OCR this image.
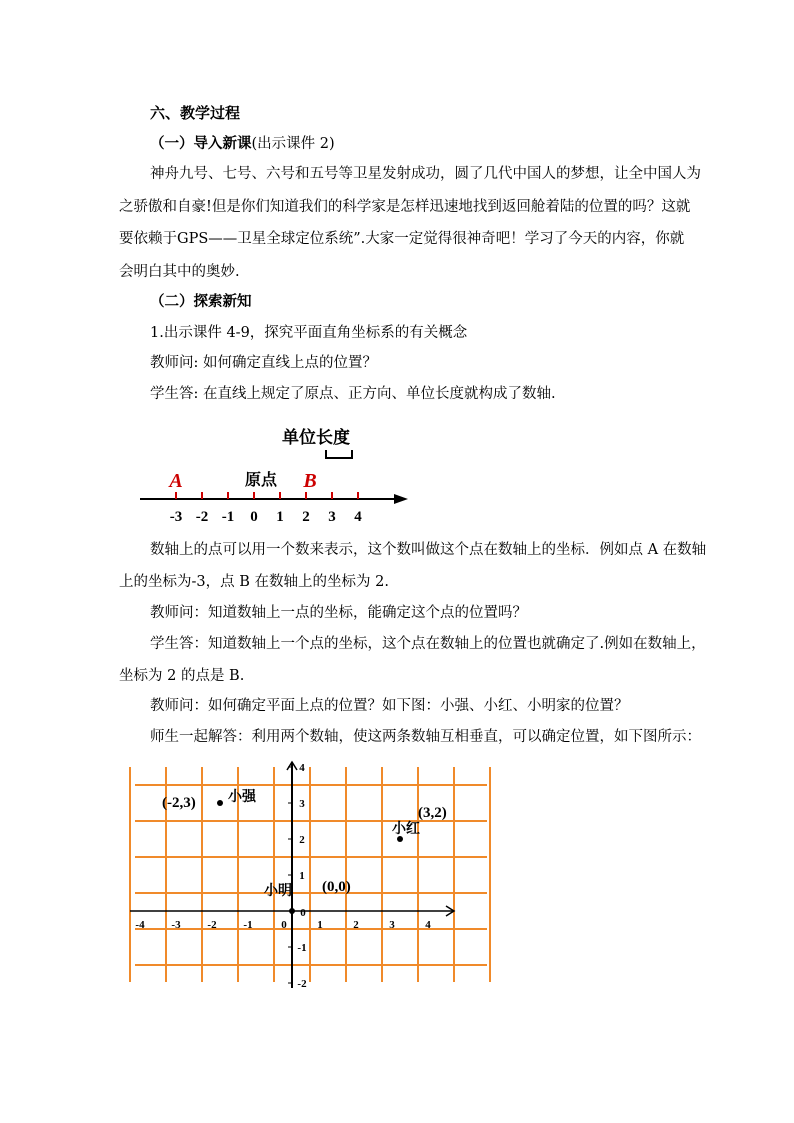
六、教学过程
（一）导入新课(出示课件 2)
神舟九号、七号、六号和五号等卫星发射成功，圆了几代中国人的梦想，让全中国人为
之骄傲和自豪!但是你们知道我们的科学家是怎样迅速地找到返回舱着陆的位置的吗？这就
要依赖于GPS——卫星全球定位系统”.大家一定觉得很神奇吧！学习了今天的内容，你就
会明白其中的奥妙.
（二）探索新知
1.出示课件 4-9，探究平面直角坐标系的有关概念
教师问: 如何确定直线上点的位置？
学生答: 在直线上规定了原点、正方向、单位长度就构成了数轴.
单位长度
原点
A	B
-3 -2 -1 0 1 2 3 4
数轴上的点可以用一个数来表示，这个数叫做这个点在数轴上的坐标．例如点 A 在数轴
上的坐标为-3，点 B 在数轴上的坐标为 2.
教师问：知道数轴上一点的坐标，能确定这个点的位置吗？
学生答：知道数轴上一个点的坐标，这个点在数轴上的位置也就确定了.例如在数轴上，
坐标为 2 的点是 B.
教师问：如何确定平面上点的位置？如下图：小强、小红、小明家的位置？
师生一起解答：利用两个数轴，使这两条数轴互相垂直，可以确定位置，如下图所示：
-4 -3 -2 -1	0	1	2	3	4
4
3
2
1
0
-1
-2
(-2,3) 小强
(3,2)
小红
(0,0)
小明
